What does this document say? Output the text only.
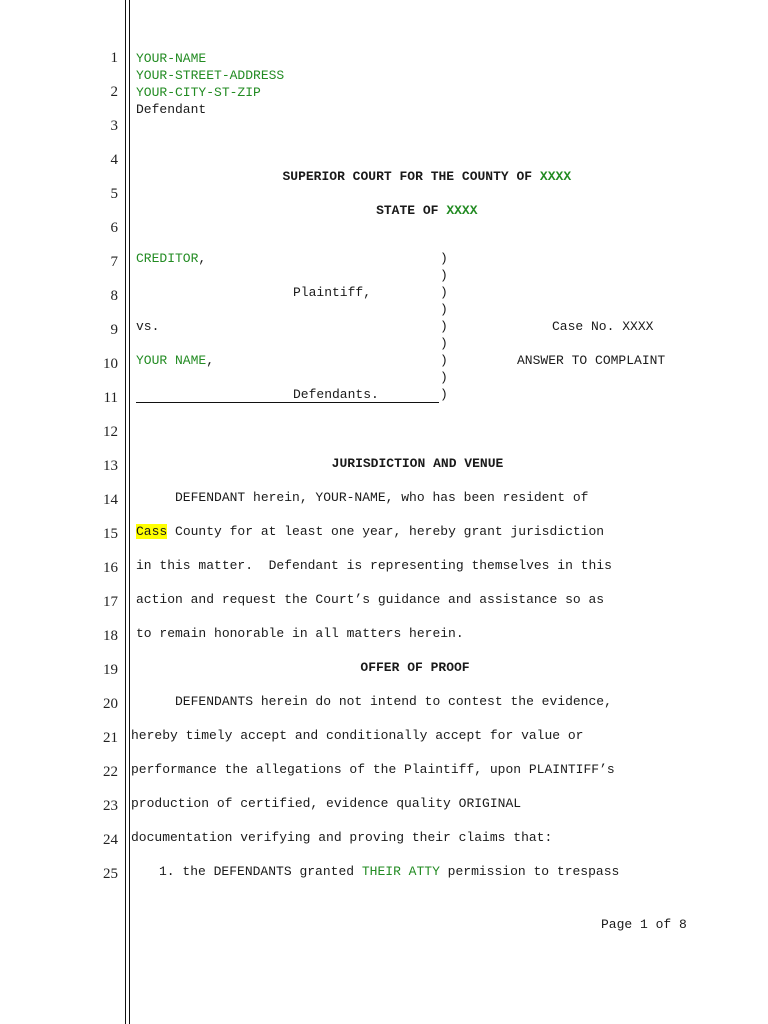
1
2
3
4
5
6
7
8
9
10
11
12
13
14
15
16
17
18
19
20
21
22
23
24
25
YOUR-NAME
YOUR-STREET-ADDRESS
YOUR-CITY-ST-ZIP
Defendant

SUPERIOR COURT FOR THE COUNTY OF XXXX

STATE OF XXXX

CREDITOR,
Plaintiff,
vs.
YOUR NAME,
Defendants.
)
)
)
)
)
)
)
)
)
Case No. XXXX
ANSWER TO COMPLAINT
JURISDICTION AND VENUE
DEFENDANT herein, YOUR-NAME, who has been resident of
Cass County for at least one year, hereby grant jurisdiction
in this matter.  Defendant is representing themselves in this
action and request the Court’s guidance and assistance so as
to remain honorable in all matters herein.
OFFER OF PROOF
DEFENDANTS herein do not intend to contest the evidence,
hereby timely accept and conditionally accept for value or
performance the allegations of the Plaintiff, upon PLAINTIFF’s
production of certified, evidence quality ORIGINAL
documentation verifying and proving their claims that:
1. the DEFENDANTS granted THEIR ATTY permission to trespass
Page 1 of 8
